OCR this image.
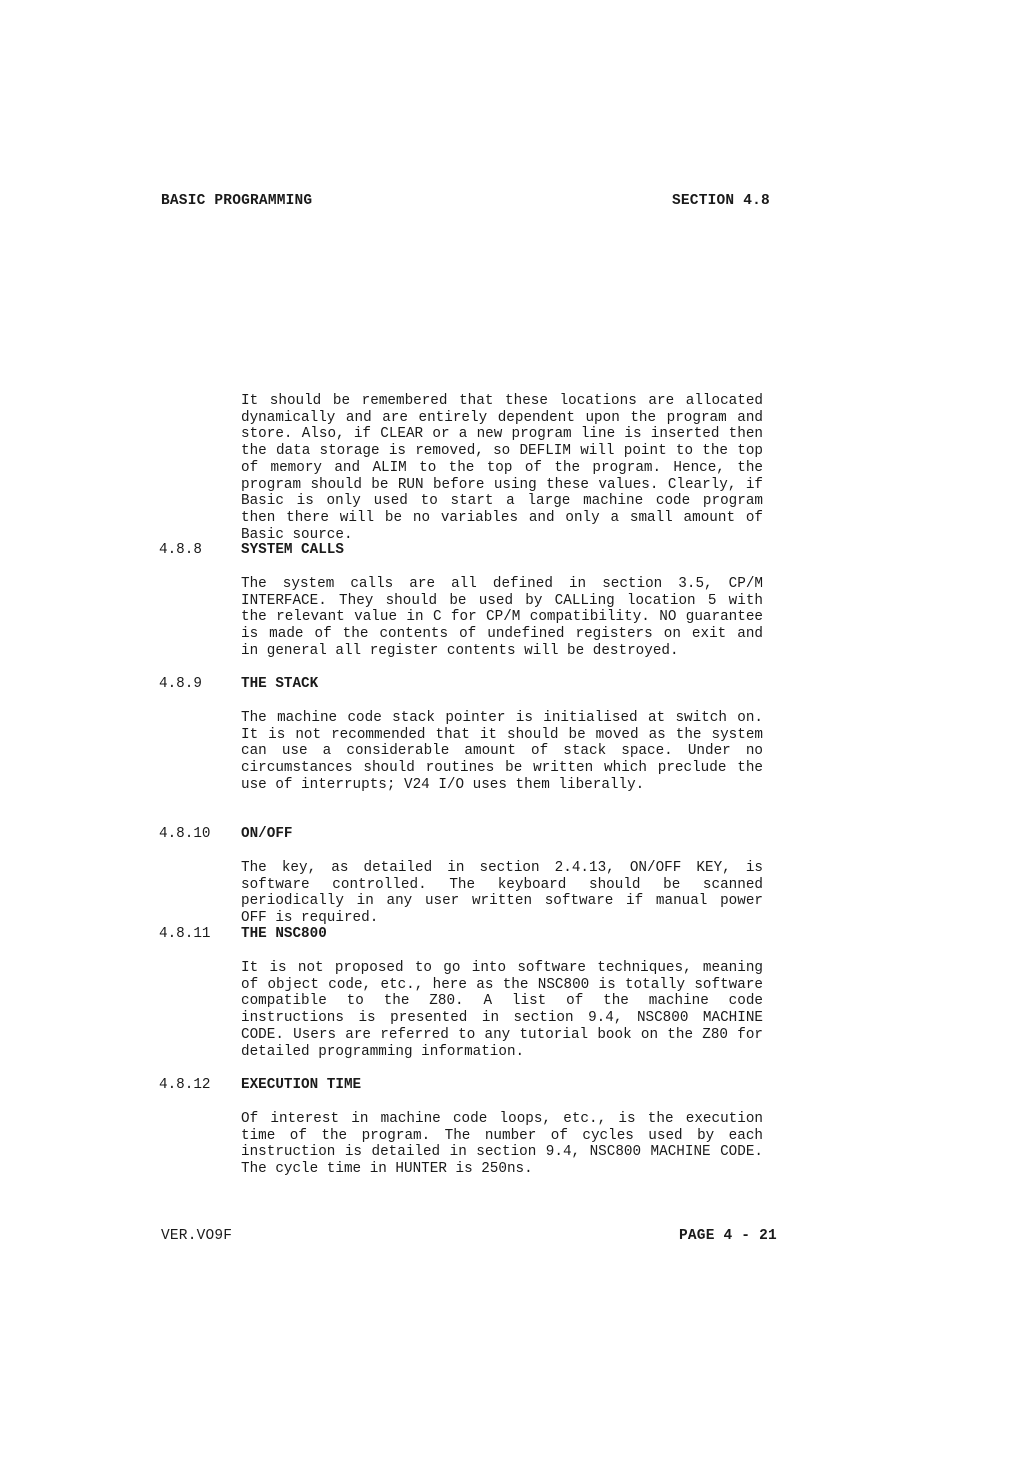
BASIC PROGRAMMING	SECTION 4.8
It should be remembered that these locations are allocated dynamically and are entirely dependent upon the program and store. Also, if CLEAR or a new program line is inserted then the data storage is removed, so DEFLIM will point to the top of memory and ALIM to the top of the program. Hence, the program should be RUN before using these values. Clearly, if Basic is only used to start a large machine code program then there will be no variables and only a small amount of Basic source.
4.8.8	SYSTEM CALLS
The system calls are all defined in section 3.5, CP/M INTERFACE. They should be used by CALLing location 5 with the relevant value in C for CP/M compatibility. NO guarantee is made of the contents of undefined registers on exit and in general all register contents will be destroyed.
4.8.9	THE STACK
The machine code stack pointer is initialised at switch on. It is not recommended that it should be moved as the system can use a considerable amount of stack space. Under no circumstances should routines be written which preclude the use of interrupts; V24 I/O uses them liberally.
4.8.10 ON/OFF
The key, as detailed in section 2.4.13, ON/OFF KEY, is software controlled. The keyboard should be scanned periodically in any user written software if manual power OFF is required.
4.8.11 THE NSC800
It is not proposed to go into software techniques, meaning of object code, etc., here as the NSC800 is totally software compatible to the Z80. A list of the machine code instructions is presented in section 9.4, NSC800 MACHINE CODE. Users are referred to any tutorial book on the Z80 for detailed programming information.
4.8.12 EXECUTION TIME
Of interest in machine code loops, etc., is the execution time of the program. The number of cycles used by each instruction is detailed in section 9.4, NSC800 MACHINE CODE. The cycle time in HUNTER is 250ns.
VER.VO9F	PAGE 4 - 21
